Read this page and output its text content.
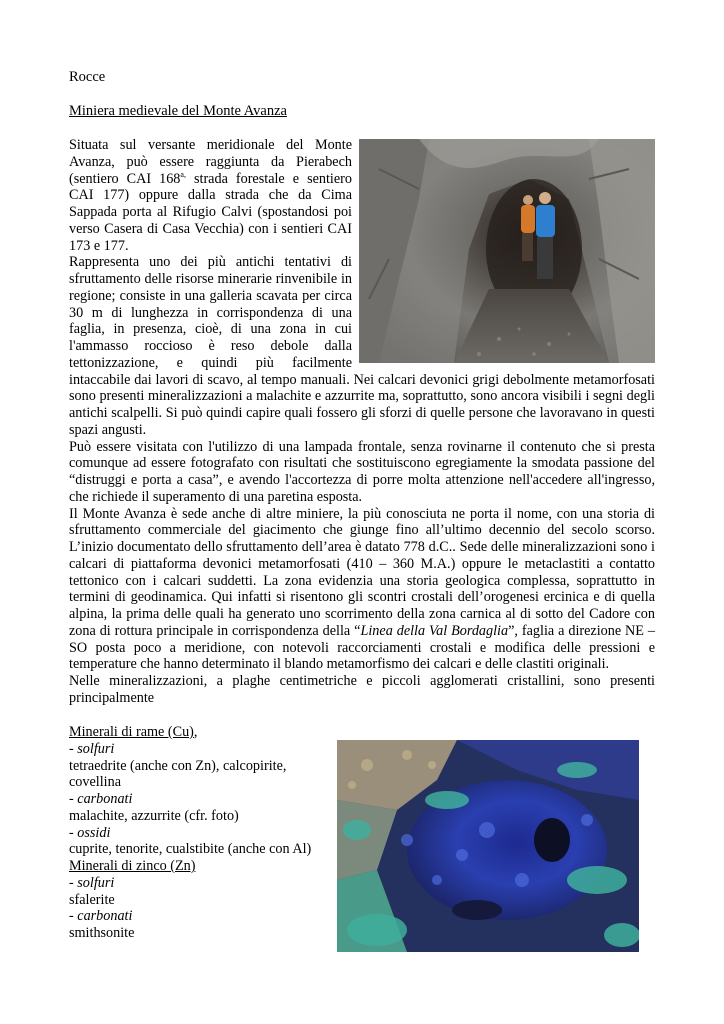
Rocce
Miniera medievale del Monte Avanza

Situata sul versante meridionale del Monte Avanza, può essere raggiunta da Pierabech (sentiero CAI $168^{a,}$ strada forestale e sentiero CAI 177) oppure dalla strada che da Cima Sappada porta al Rifugio Calvi (spostandosi poi verso Casera di Casa Vecchia) con i sentieri CAI 173 e 177.

Rappresenta uno dei più antichi tentativi di sfruttamento delle risorse minerarie rinvenibile in regione; consiste in una galleria scavata per circa 30 m di lunghezza in corrispondenza di una faglia, in presenza, cioè, di una zona in cui l'ammasso roccioso è reso debole dalla tettonizzazione, e quindi più facilmente intaccabile dai lavori di scavo, al tempo manuali. Nei calcari devonici grigi debolmente metamorfosati sono presenti mineralizzazioni a malachite e azzurrite ma, soprattutto, sono ancora visibili i segni degli antichi scalpelli. Si può quindi capire quali fossero gli sforzi di quelle persone che lavoravano in questi spazi angusti.

Può essere visitata con l'utilizzo di una lampada frontale, senza rovinarne il contenuto che si presta comunque ad essere fotografato con risultati che sostituiscono egregiamente la smodata passione del “distruggi e porta a casa”, e avendo l'accortezza di porre molta attenzione nell'accedere all'ingresso, che richiede il superamento di una paretina esposta.

Il Monte Avanza è sede anche di altre miniere, la più conosciuta ne porta il nome, con una storia di sfruttamento commerciale del giacimento che giunge fino all’ultimo decennio del secolo scorso. L’inizio documentato dello sfruttamento dell’area è datato 778 d.C.. Sede delle mineralizzazioni sono i calcari di piattaforma devonici metamorfosati (410 – 360 M.A.) oppure le metaclastiti a contatto tettonico con i calcari suddetti. La zona evidenzia una storia geologica complessa, soprattutto in termini di geodinamica. Qui infatti si risentono gli scontri crostali dell’orogenesi ercinica e di quella alpina, la prima delle quali ha generato uno scorrimento della zona carnica al di sotto del Cadore con zona di rottura principale in corrispondenza della “Linea della Val Bordaglia”, faglia a direzione NE – SO posta poco a meridione, con notevoli raccorciamenti crostali e modifica delle pressioni e temperature che hanno determinato il blando metamorfismo dei calcari e delle clastiti originali.

Nelle mineralizzazioni, a plaghe centimetriche e piccoli agglomerati cristallini, sono presenti principalmente

Minerali di rame (Cu),
- solfuri
tetraedrite (anche con Zn), calcopirite,
covellina
- carbonati
malachite, azzurrite (cfr. foto)
- ossidi
cuprite, tenorite, cualstibite (anche con Al)
Minerali di zinco (Zn)
- solfuri
sfalerite
- carbonati
smithsonite
